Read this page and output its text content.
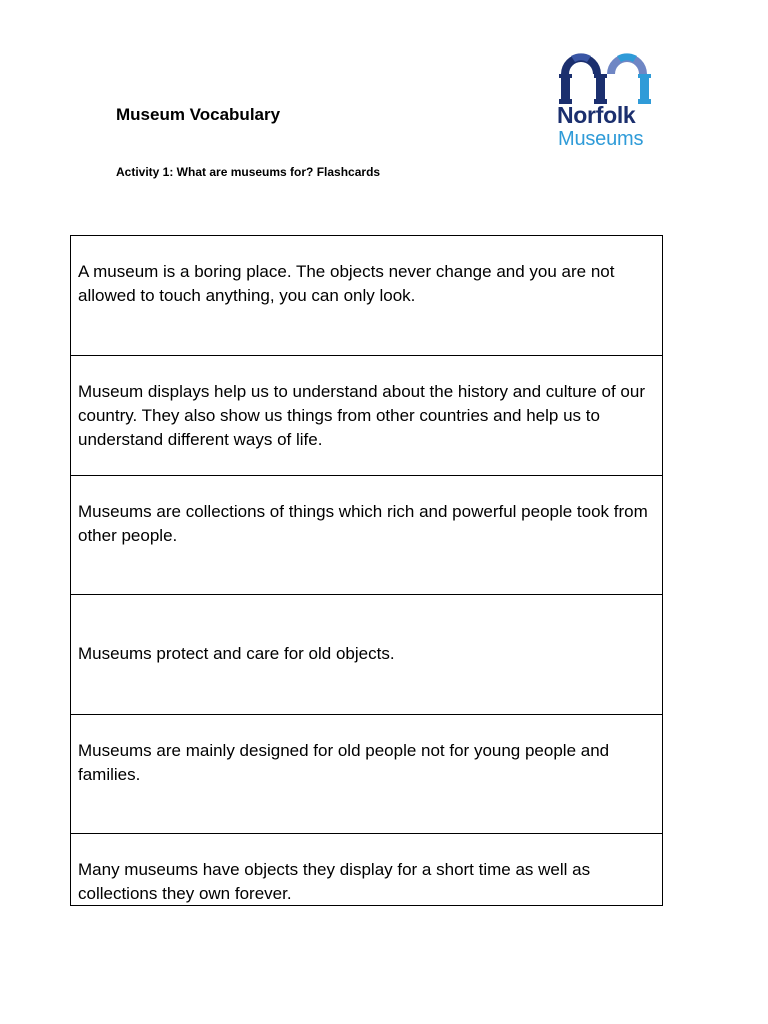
Museum Vocabulary
Activity 1: What are museums for? Flashcards
Norfolk
Museums
A museum is a boring place. The objects never change and you are not allowed to touch anything, you can only look.
Museum displays help us to understand about the history and culture of our country. They also show us things from other countries and help us to understand different ways of life.
Museums are collections of things which rich and powerful people took from other people.
Museums protect and care for old objects.
Museums are mainly designed for old people not for young people and families.
Many museums have objects they display for a short time as well as collections they own forever.
